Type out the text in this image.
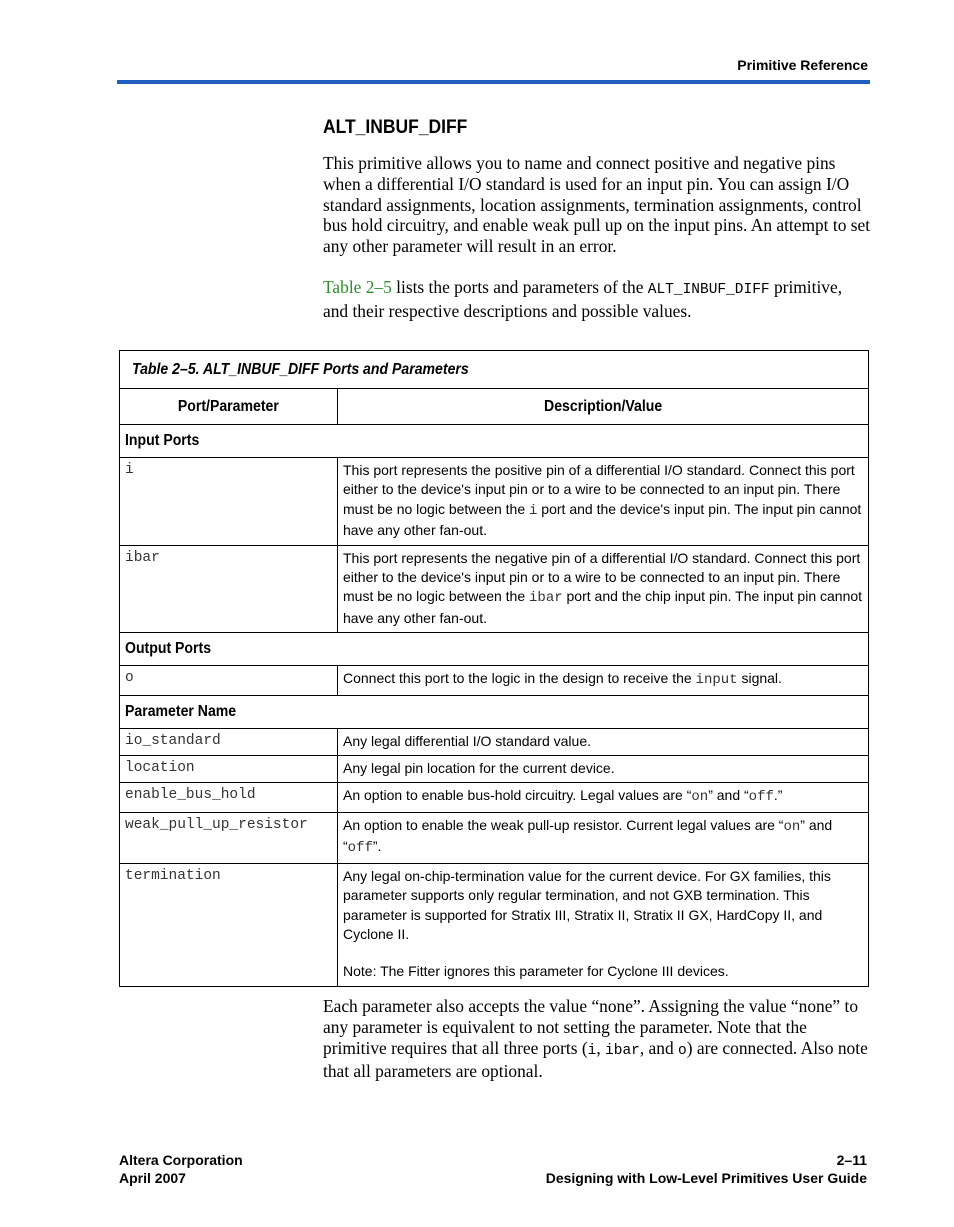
Primitive Reference
ALT_INBUF_DIFF
This primitive allows you to name and connect positive and negative pins when a differential I/O standard is used for an input pin. You can assign I/O standard assignments, location assignments, termination assignments, control bus hold circuitry, and enable weak pull up on the input pins. An attempt to set any other parameter will result in an error.
Table 2–5 lists the ports and parameters of the ALT_INBUF_DIFF primitive, and their respective descriptions and possible values.
Table 2–5. ALT_INBUF_DIFF Ports and Parameters	
Port/Parameter	Description/Value
Input Ports	
i	This port represents the positive pin of a differential I/O standard. Connect this port either to the device's input pin or to a wire to be connected to an input pin. There must be no logic between the i port and the device's input pin. The input pin cannot have any other fan-out.
ibar	This port represents the negative pin of a differential I/O standard. Connect this port either to the device's input pin or to a wire to be connected to an input pin. There must be no logic between the ibar port and the chip input pin. The input pin cannot have any other fan-out.
Output Ports	
o	Connect this port to the logic in the design to receive the input signal.
Parameter Name	
io_standard	Any legal differential I/O standard value.
location	Any legal pin location for the current device.
enable_bus_hold	An option to enable bus-hold circuitry. Legal values are “on” and “off.”
weak_pull_up_resistor	An option to enable the weak pull-up resistor. Current legal values are “on” and “off”.
termination	Any legal on-chip-termination value for the current device. For GX families, this parameter supports only regular termination, and not GXB termination. This parameter is supported for Stratix III, Stratix II, Stratix II GX, HardCopy II, and Cyclone II.
Note: The Fitter ignores this parameter for Cyclone III devices.
Each parameter also accepts the value “none”. Assigning the value “none” to any parameter is equivalent to not setting the parameter. Note that the primitive requires that all three ports (i, ibar, and o) are connected. Also note that all parameters are optional.
Altera Corporation
April 2007
2–11
Designing with Low-Level Primitives User Guide
